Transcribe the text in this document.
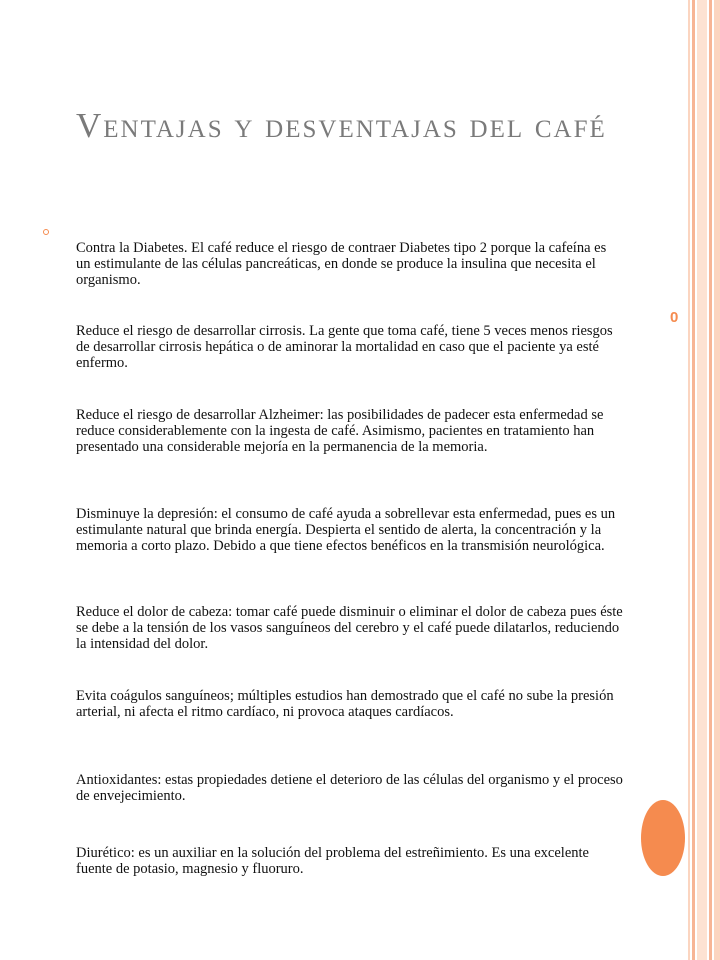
Ventajas y desventajas del café

Contra la Diabetes. El café reduce el riesgo de contraer Diabetes tipo 2 porque la cafeína es un estimulante de las células pancreáticas, en donde se produce la insulina que necesita el organismo.

Reduce el riesgo de desarrollar cirrosis. La gente que toma café, tiene 5 veces menos riesgos de desarrollar cirrosis hepática o de aminorar la mortalidad en caso que el paciente ya esté enfermo.

Reduce el riesgo de desarrollar Alzheimer: las posibilidades de padecer esta enfermedad se reduce considerablemente con la ingesta de café. Asimismo, pacientes en tratamiento han presentado una considerable mejoría en la permanencia de la memoria.

Disminuye la depresión: el consumo de café ayuda a sobrellevar esta enfermedad, pues es un estimulante natural que brinda energía. Despierta el sentido de alerta, la concentración y la memoria a corto plazo. Debido a que tiene efectos benéficos en la transmisión neurológica.

Reduce el dolor de cabeza: tomar café puede disminuir o eliminar el dolor de cabeza pues éste se debe a la tensión de los vasos sanguíneos del cerebro y el café puede dilatarlos, reduciendo la intensidad del dolor.

Evita coágulos sanguíneos; múltiples estudios han demostrado que el café no sube la presión arterial, ni afecta el ritmo cardíaco, ni provoca ataques cardíacos.

Antioxidantes: estas propiedades detiene el deterioro de las células del organismo y el proceso de envejecimiento.

Diurético: es un auxiliar en la solución del problema del estreñimiento. Es una excelente fuente de potasio, magnesio y fluoruro.

0
